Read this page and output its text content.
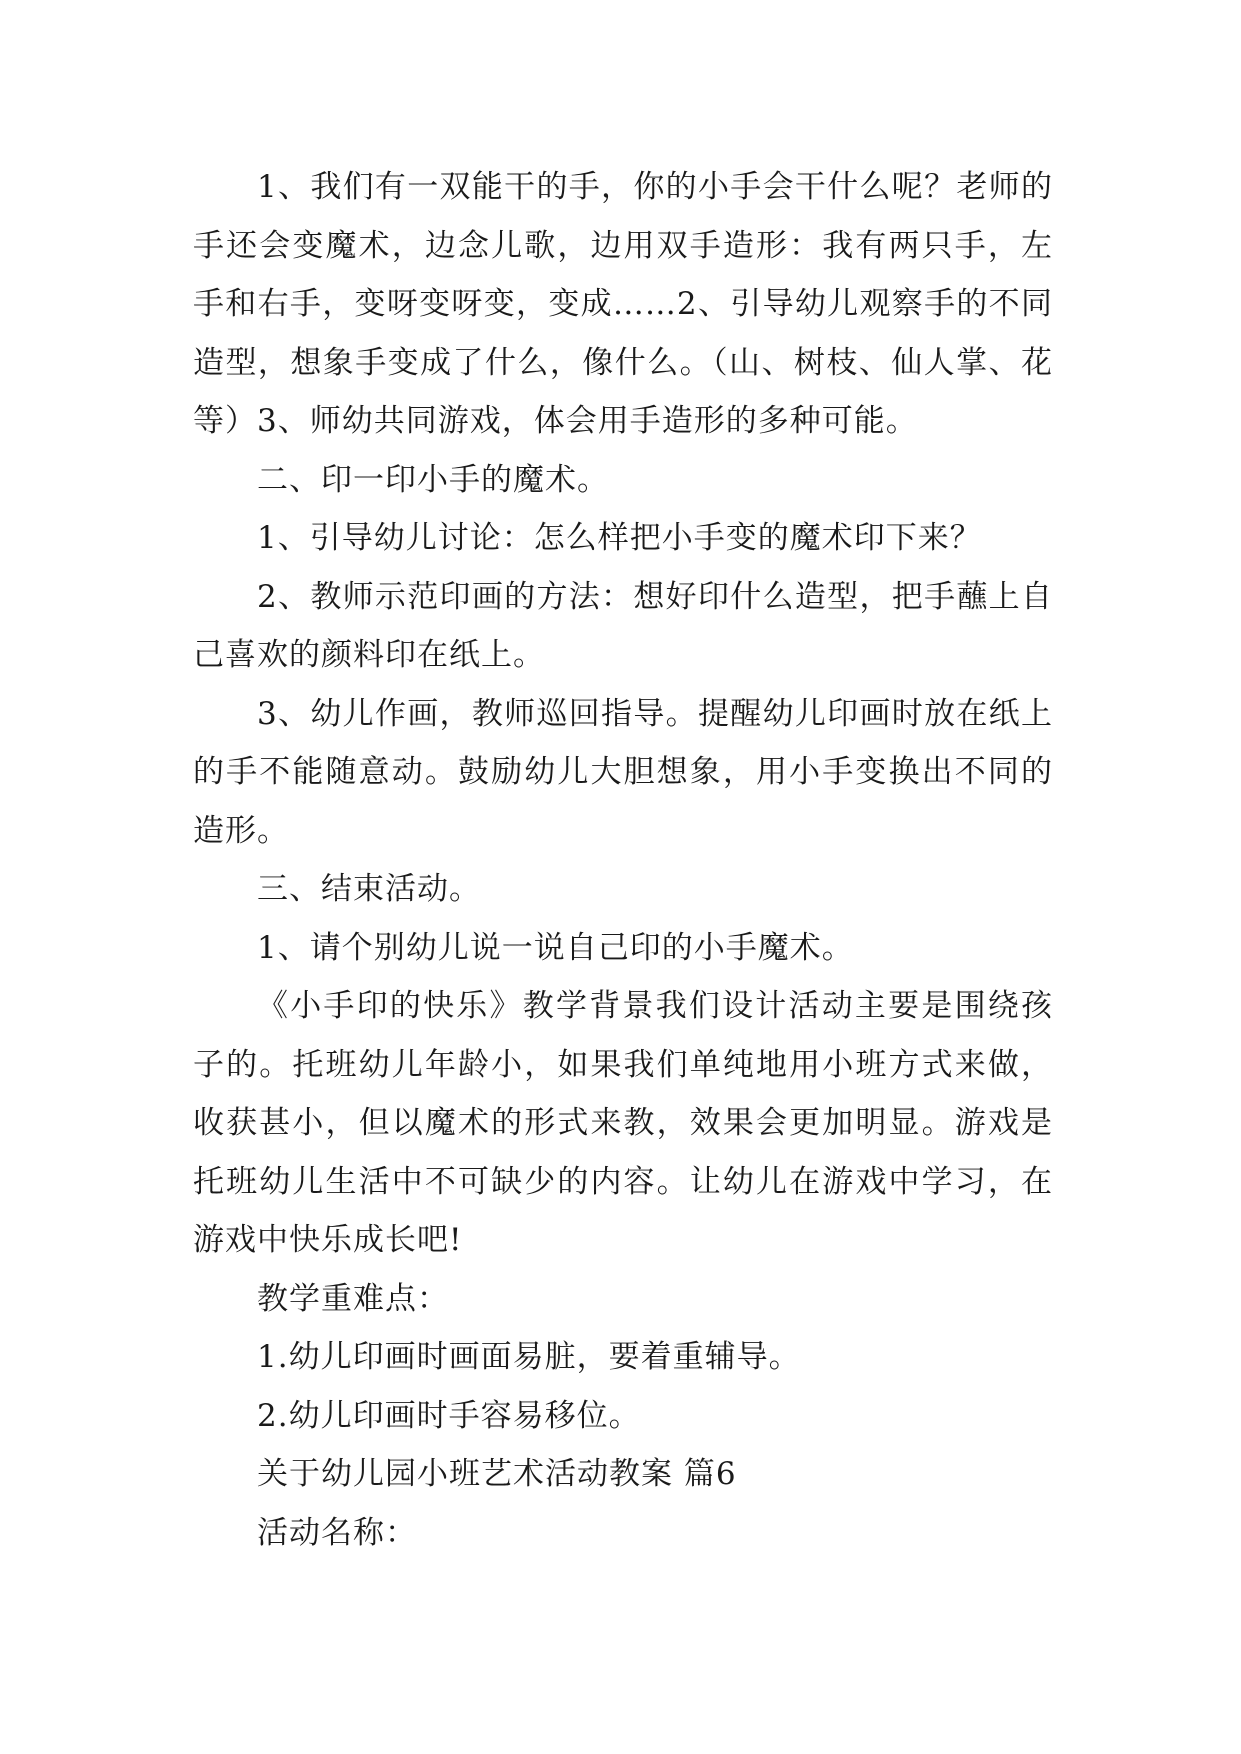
1、我们有一双能干的手，你的小手会干什么呢？老师的手还会变魔术，边念儿歌，边用双手造形：我有两只手，左手和右手，变呀变呀变，变成……2、引导幼儿观察手的不同造型，想象手变成了什么，像什么。（山、树枝、仙人掌、花等）3、师幼共同游戏，体会用手造形的多种可能。

二、印一印小手的魔术。

1、引导幼儿讨论：怎么样把小手变的魔术印下来？

2、教师示范印画的方法：想好印什么造型，把手蘸上自己喜欢的颜料印在纸上。

3、幼儿作画，教师巡回指导。提醒幼儿印画时放在纸上的手不能随意动。鼓励幼儿大胆想象，用小手变换出不同的造形。

三、结束活动。

1、请个别幼儿说一说自己印的小手魔术。

《小手印的快乐》教学背景我们设计活动主要是围绕孩子的。托班幼儿年龄小，如果我们单纯地用小班方式来做，收获甚小，但以魔术的形式来教，效果会更加明显。游戏是托班幼儿生活中不可缺少的内容。让幼儿在游戏中学习，在游戏中快乐成长吧!

教学重难点：

1.幼儿印画时画面易脏，要着重辅导。

2.幼儿印画时手容易移位。

关于幼儿园小班艺术活动教案 篇6

活动名称：
